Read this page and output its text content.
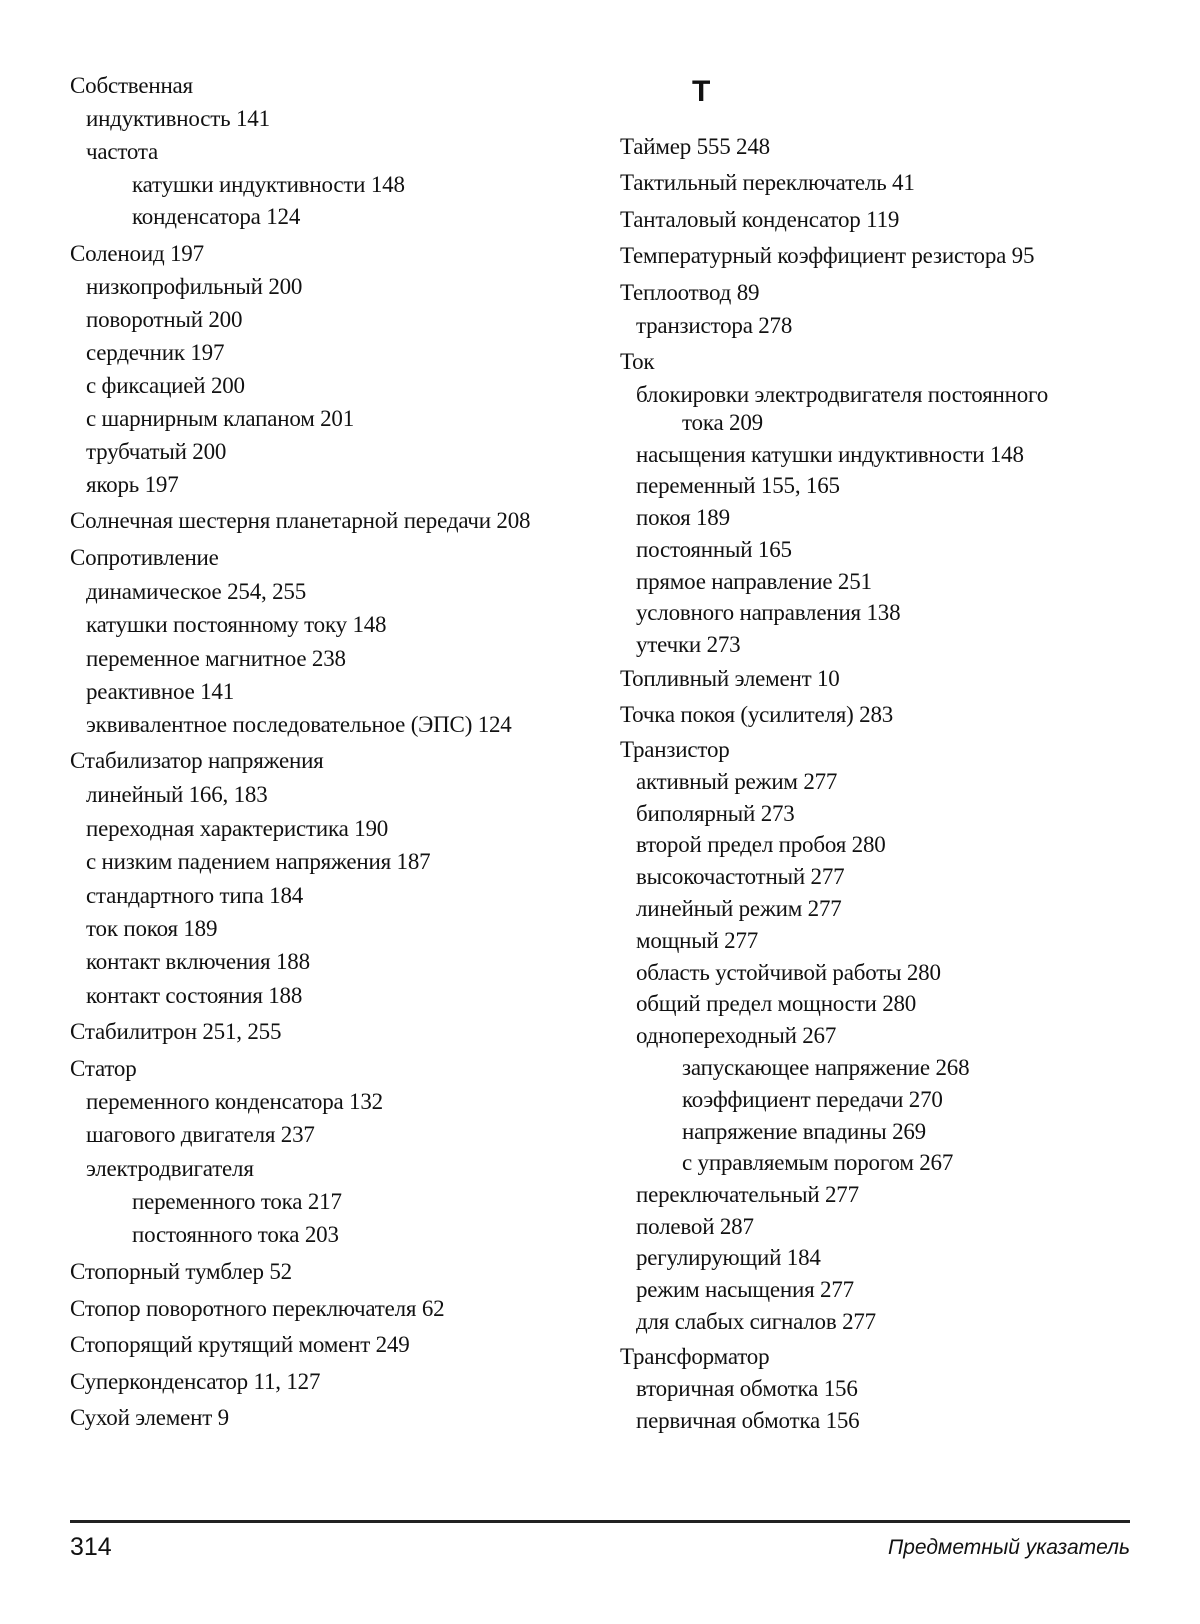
Собственная
индуктивность 141
частота
катушки индуктивности 148
конденсатора 124
Соленоид 197
низкопрофильный 200
поворотный 200
сердечник 197
с фиксацией 200
с шарнирным клапаном 201
трубчатый 200
якорь 197
Солнечная шестерня планетарной передачи 208
Сопротивление
динамическое 254, 255
катушки постоянному току 148
переменное магнитное 238
реактивное 141
эквивалентное последовательное (ЭПС) 124
Стабилизатор напряжения
линейный 166, 183
переходная характеристика 190
с низким падением напряжения 187
стандартного типа 184
ток покоя 189
контакт включения 188
контакт состояния 188
Стабилитрон 251, 255
Статор
переменного конденсатора 132
шагового двигателя 237
электродвигателя
переменного тока 217
постоянного тока 203
Стопорный тумблер 52
Стопор поворотного переключателя 62
Стопорящий крутящий момент 249
Суперконденсатор 11, 127
Сухой элемент 9
Т
Таймер 555 248
Тактильный переключатель 41
Танталовый конденсатор 119
Температурный коэффициент резистора 95
Теплоотвод 89
транзистора 278
Ток
блокировки электродвигателя постоянного
тока 209
насыщения катушки индуктивности 148
переменный 155, 165
покоя 189
постоянный 165
прямое направление 251
условного направления 138
утечки 273
Топливный элемент 10
Точка покоя (усилителя) 283
Транзистор
активный режим 277
биполярный 273
второй предел пробоя 280
высокочастотный 277
линейный режим 277
мощный 277
область устойчивой работы 280
общий предел мощности 280
однопереходный 267
запускающее напряжение 268
коэффициент передачи 270
напряжение впадины 269
с управляемым порогом 267
переключательный 277
полевой 287
регулирующий 184
режим насыщения 277
для слабых сигналов 277
Трансформатор
вторичная обмотка 156
первичная обмотка 156
314	Предметный указатель
